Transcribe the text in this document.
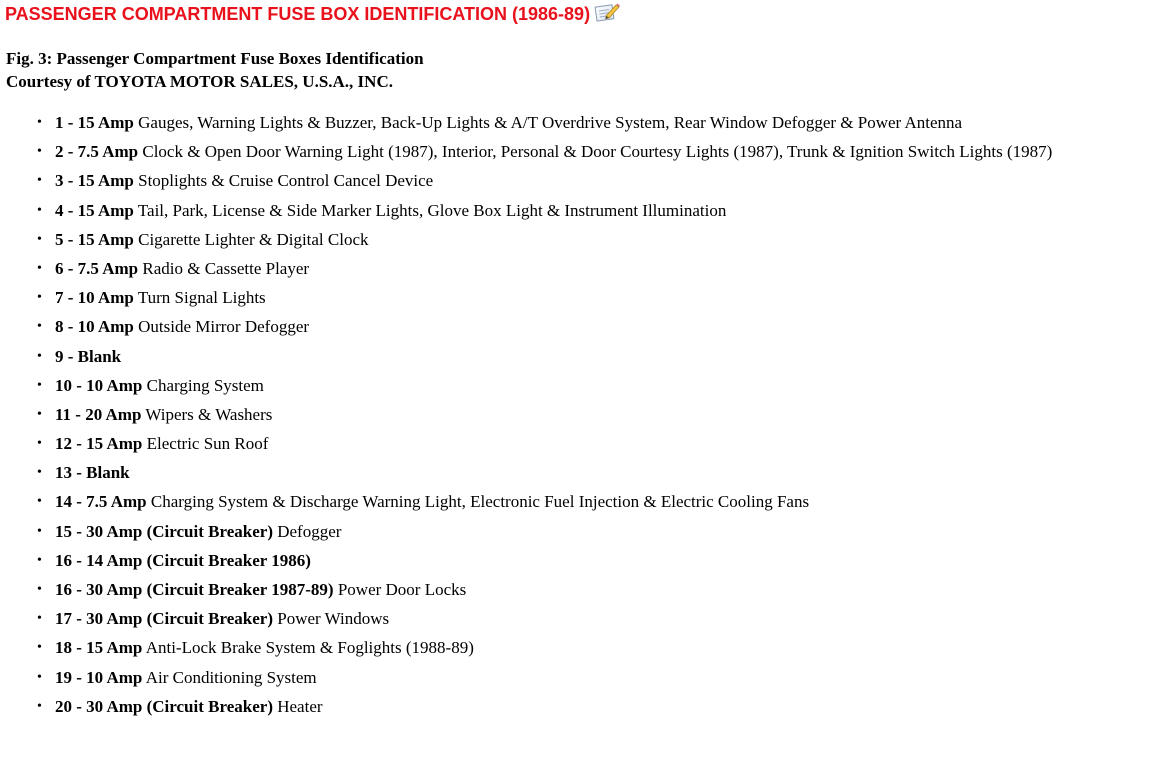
PASSENGER COMPARTMENT FUSE BOX IDENTIFICATION (1986-89)
Fig. 3: Passenger Compartment Fuse Boxes Identification
Courtesy of TOYOTA MOTOR SALES, U.S.A., INC.
• 1 - 15 Amp Gauges, Warning Lights & Buzzer, Back-Up Lights & A/T Overdrive System, Rear Window Defogger & Power Antenna
• 2 - 7.5 Amp Clock & Open Door Warning Light (1987), Interior, Personal & Door Courtesy Lights (1987), Trunk & Ignition Switch Lights (1987)
• 3 - 15 Amp Stoplights & Cruise Control Cancel Device
• 4 - 15 Amp Tail, Park, License & Side Marker Lights, Glove Box Light & Instrument Illumination
• 5 - 15 Amp Cigarette Lighter & Digital Clock
• 6 - 7.5 Amp Radio & Cassette Player
• 7 - 10 Amp Turn Signal Lights
• 8 - 10 Amp Outside Mirror Defogger
• 9 - Blank
• 10 - 10 Amp Charging System
• 11 - 20 Amp Wipers & Washers
• 12 - 15 Amp Electric Sun Roof
• 13 - Blank
• 14 - 7.5 Amp Charging System & Discharge Warning Light, Electronic Fuel Injection & Electric Cooling Fans
• 15 - 30 Amp (Circuit Breaker) Defogger
• 16 - 14 Amp (Circuit Breaker 1986)
• 16 - 30 Amp (Circuit Breaker 1987-89) Power Door Locks
• 17 - 30 Amp (Circuit Breaker) Power Windows
• 18 - 15 Amp Anti-Lock Brake System & Foglights (1988-89)
• 19 - 10 Amp Air Conditioning System
• 20 - 30 Amp (Circuit Breaker) Heater
